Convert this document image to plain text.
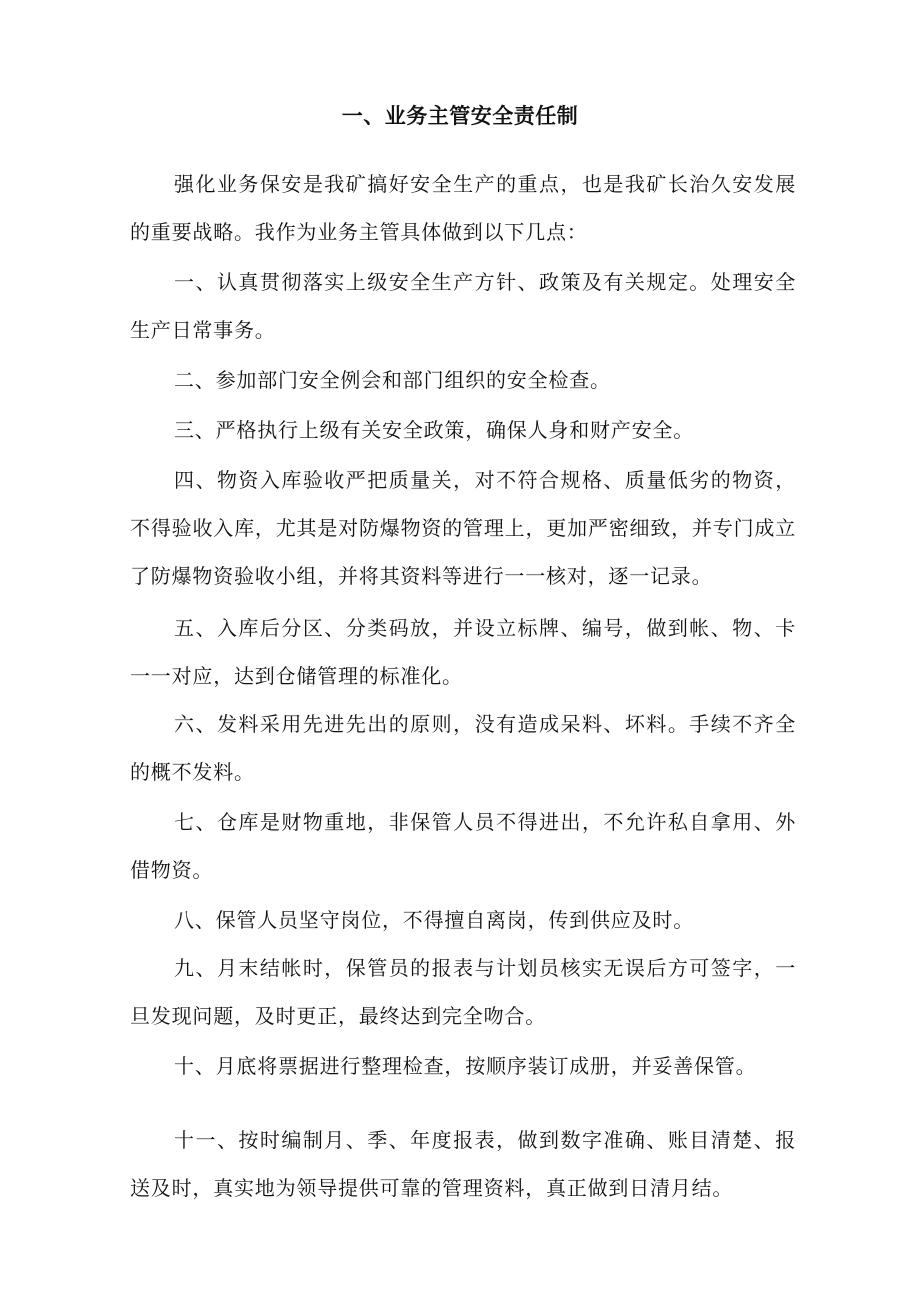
一、业务主管安全责任制

强化业务保安是我矿搞好安全生产的重点，也是我矿长治久安发展的重要战略。我作为业务主管具体做到以下几点：

一、认真贯彻落实上级安全生产方针、政策及有关规定。处理安全生产日常事务。

二、参加部门安全例会和部门组织的安全检查。

三、严格执行上级有关安全政策，确保人身和财产安全。

四、物资入库验收严把质量关，对不符合规格、质量低劣的物资，不得验收入库，尤其是对防爆物资的管理上，更加严密细致，并专门成立了防爆物资验收小组，并将其资料等进行一一核对，逐一记录。

五、入库后分区、分类码放，并设立标牌、编号，做到帐、物、卡一一对应，达到仓储管理的标准化。

六、发料采用先进先出的原则，没有造成呆料、坏料。手续不齐全的概不发料。

七、仓库是财物重地，非保管人员不得进出，不允许私自拿用、外借物资。

八、保管人员坚守岗位，不得擅自离岗，传到供应及时。

九、月末结帐时，保管员的报表与计划员核实无误后方可签字，一旦发现问题，及时更正，最终达到完全吻合。

十、月底将票据进行整理检查，按顺序装订成册，并妥善保管。

十一、按时编制月、季、年度报表，做到数字准确、账目清楚、报送及时，真实地为领导提供可靠的管理资料，真正做到日清月结。
